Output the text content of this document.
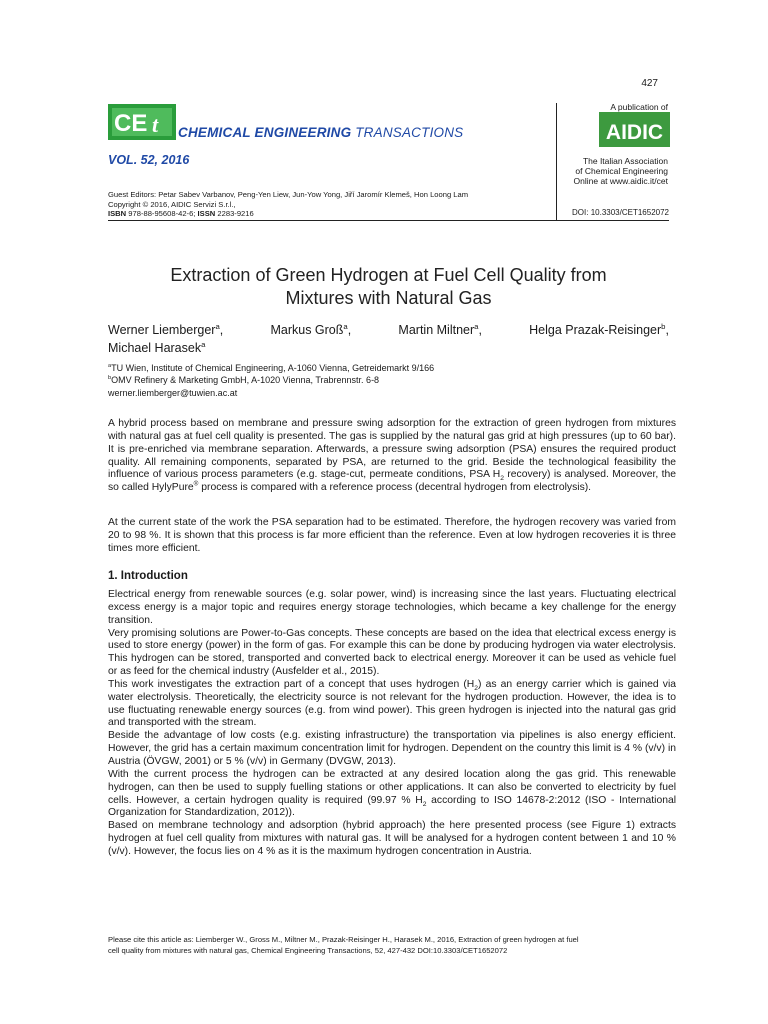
427
CE t CHEMICAL ENGINEERING TRANSACTIONS
VOL. 52, 2016
A publication of
AIDIC
The Italian Association
of Chemical Engineering
Online at www.aidic.it/cet
Guest Editors: Petar Sabev Varbanov, Peng-Yen Liew, Jun-Yow Yong, Jiří Jaromír Klemeš, Hon Loong Lam
Copyright © 2016, AIDIC Servizi S.r.l.,
ISBN 978-88-95608-42-6; ISSN 2283-9216	DOI: 10.3303/CET1652072
Extraction of Green Hydrogen at Fuel Cell Quality from
Mixtures with Natural Gas
Werner Liemberger$^a$,	Markus Groß$^a$,	Martin Miltner$^a$,	Helga Prazak-Reisinger$^b$,
Michael Harasek$^a$
$^a$TU Wien, Institute of Chemical Engineering, A-1060 Vienna, Getreidemarkt 9/166
$^b$OMV Refinery & Marketing GmbH, A-1020 Vienna, Trabrennstr. 6-8
werner.liemberger@tuwien.ac.at

A hybrid process based on membrane and pressure swing adsorption for the extraction of green hydrogen from mixtures with natural gas at fuel cell quality is presented. The gas is supplied by the natural gas grid at high pressures (up to 60 bar). It is pre-enriched via membrane separation. Afterwards, a pressure swing adsorption (PSA) ensures the required product quality. All remaining components, separated by PSA, are returned to the grid. Beside the technological feasibility the influence of various process parameters (e.g. stage-cut, permeate conditions, PSA $H_2$ recovery) is analysed. Moreover, the so called HylyPure® process is compared with a reference process (decentral hydrogen from electrolysis).

At the current state of the work the PSA separation had to be estimated. Therefore, the hydrogen recovery was varied from 20 to 98 %. It is shown that this process is far more efficient than the reference. Even at low hydrogen recoveries it is three times more efficient.

1. Introduction

Electrical energy from renewable sources (e.g. solar power, wind) is increasing since the last years. Fluctuating electrical excess energy is a major topic and requires energy storage technologies, which became a key challenge for the energy transition.

Very promising solutions are Power-to-Gas concepts. These concepts are based on the idea that electrical excess energy is used to store energy (power) in the form of gas. For example this can be done by producing hydrogen via water electrolysis. This hydrogen can be stored, transported and converted back to electrical energy. Moreover it can be used as vehicle fuel or as feed for the chemical industry (Ausfelder et al., 2015).

This work investigates the extraction part of a concept that uses hydrogen $(H_2)$ as an energy carrier which is gained via water electrolysis. Theoretically, the electricity source is not relevant for the hydrogen production. However, the idea is to use fluctuating renewable energy sources (e.g. from wind power). This green hydrogen is injected into the natural gas grid and transported with the stream.

Beside the advantage of low costs (e.g. existing infrastructure) the transportation via pipelines is also energy efficient. However, the grid has a certain maximum concentration limit for hydrogen. Dependent on the country this limit is 4 % (v/v) in Austria (ÖVGW, 2001) or 5 % (v/v) in Germany (DVGW, 2013).

With the current process the hydrogen can be extracted at any desired location along the gas grid. This renewable hydrogen, can then be used to supply fuelling stations or other applications. It can also be converted to electricity by fuel cells. However, a certain hydrogen quality is required (99.97 % $H_2$ according to ISO 14678-2:2012 (ISO - International Organization for Standardization, 2012)).

Based on membrane technology and adsorption (hybrid approach) the here presented process (see Figure 1) extracts hydrogen at fuel cell quality from mixtures with natural gas. It will be analysed for a hydrogen content between 1 and 10 % (v/v). However, the focus lies on 4 % as it is the maximum hydrogen concentration in Austria.

Please cite this article as: Liemberger W., Gross M., Miltner M., Prazak-Reisinger H., Harasek M., 2016, Extraction of green hydrogen at fuel
cell quality from mixtures with natural gas, Chemical Engineering Transactions, 52, 427-432 DOI:10.3303/CET1652072
